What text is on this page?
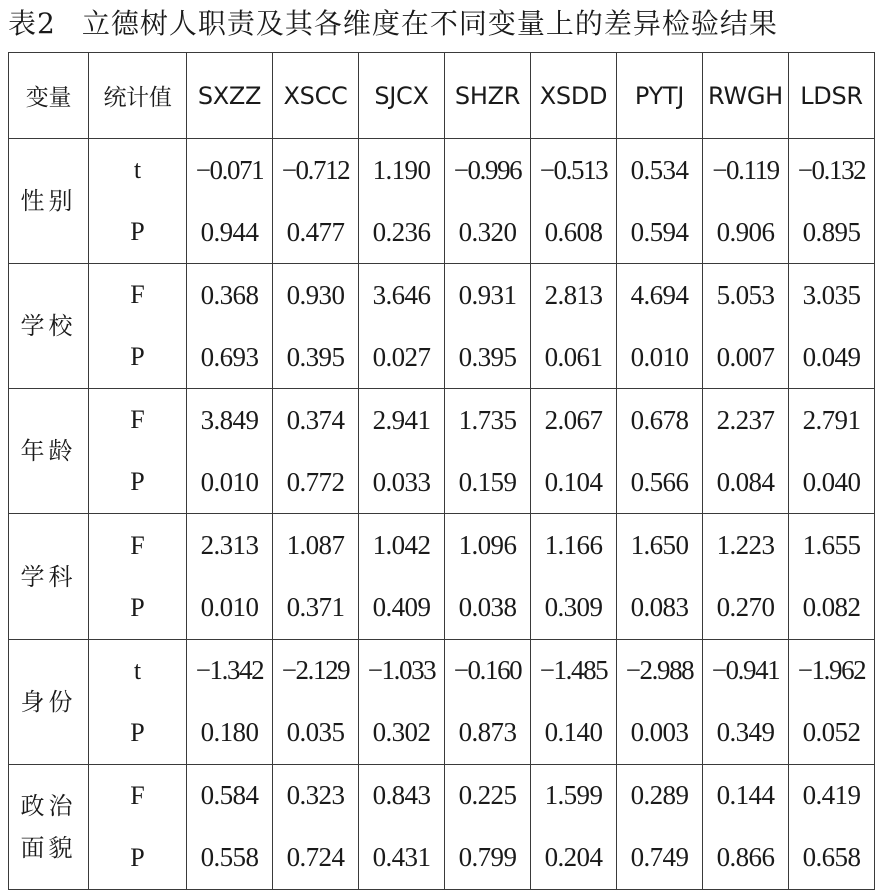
表2 立德树人职责及其各维度在不同变量上的差异检验结果
变量	统计值	SXZZ	XSCC	SJCX	SHZR	XSDD	PYTJ	RWGH	LDSR
性别	t	−0.071	−0.712	1.190	−0.996	−0.513	0.534	−0.119	−0.132
	P	0.944	0.477	0.236	0.320	0.608	0.594	0.906	0.895
学校	F	0.368	0.930	3.646	0.931	2.813	4.694	5.053	3.035
	P	0.693	0.395	0.027	0.395	0.061	0.010	0.007	0.049
年龄	F	3.849	0.374	2.941	1.735	2.067	0.678	2.237	2.791
	P	0.010	0.772	0.033	0.159	0.104	0.566	0.084	0.040
学科	F	2.313	1.087	1.042	1.096	1.166	1.650	1.223	1.655
	P	0.010	0.371	0.409	0.038	0.309	0.083	0.270	0.082
身份	t	−1.342	−2.129	−1.033	−0.160	−1.485	−2.988	−0.941	−1.962
	P	0.180	0.035	0.302	0.873	0.140	0.003	0.349	0.052
政治面貌	F	0.584	0.323	0.843	0.225	1.599	0.289	0.144	0.419
	P	0.558	0.724	0.431	0.799	0.204	0.749	0.866	0.658
